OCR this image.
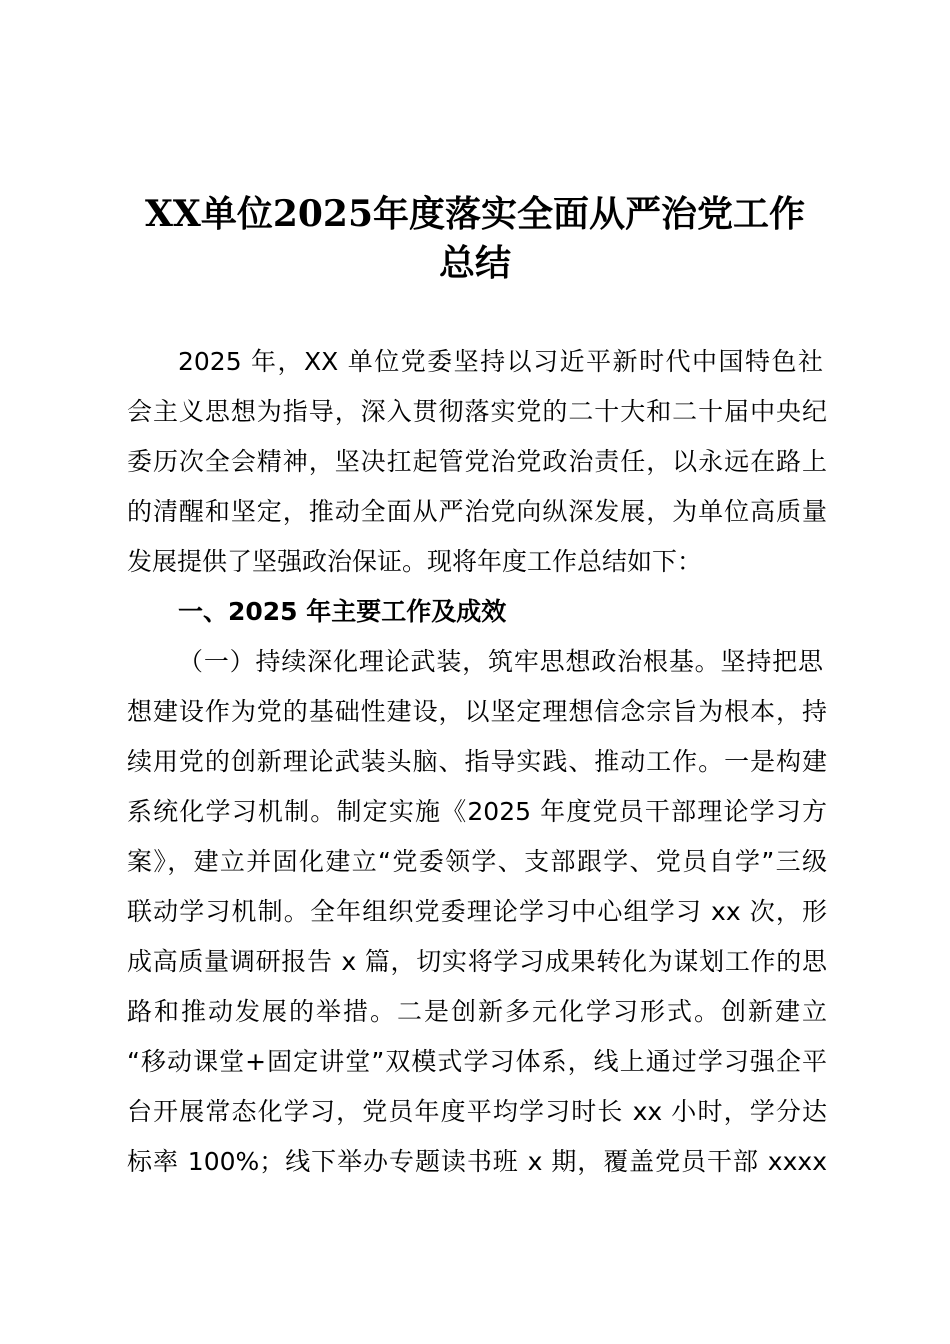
XX单位2025年度落实全面从严治党工作
总结
2025 年，XX 单位党委坚持以习近平新时代中国特色社
会主义思想为指导，深入贯彻落实党的二十大和二十届中央纪
委历次全会精神，坚决扛起管党治党政治责任，以永远在路上
的清醒和坚定，推动全面从严治党向纵深发展，为单位高质量
发展提供了坚强政治保证。现将年度工作总结如下：
一、2025 年主要工作及成效
（一）持续深化理论武装，筑牢思想政治根基。坚持把思
想建设作为党的基础性建设，以坚定理想信念宗旨为根本，持
续用党的创新理论武装头脑、指导实践、推动工作。一是构建
系统化学习机制。制定实施《2025 年度党员干部理论学习方
案》，建立并固化建立“党委领学、支部跟学、党员自学”三级
联动学习机制。全年组织党委理论学习中心组学习 xx 次，形
成高质量调研报告 x 篇，切实将学习成果转化为谋划工作的思
路和推动发展的举措。二是创新多元化学习形式。创新建立
“移动课堂+固定讲堂”双模式学习体系，线上通过学习强企平
台开展常态化学习，党员年度平均学习时长 xx 小时，学分达
标率 100%；线下举办专题读书班 x 期，覆盖党员干部 xxxx
